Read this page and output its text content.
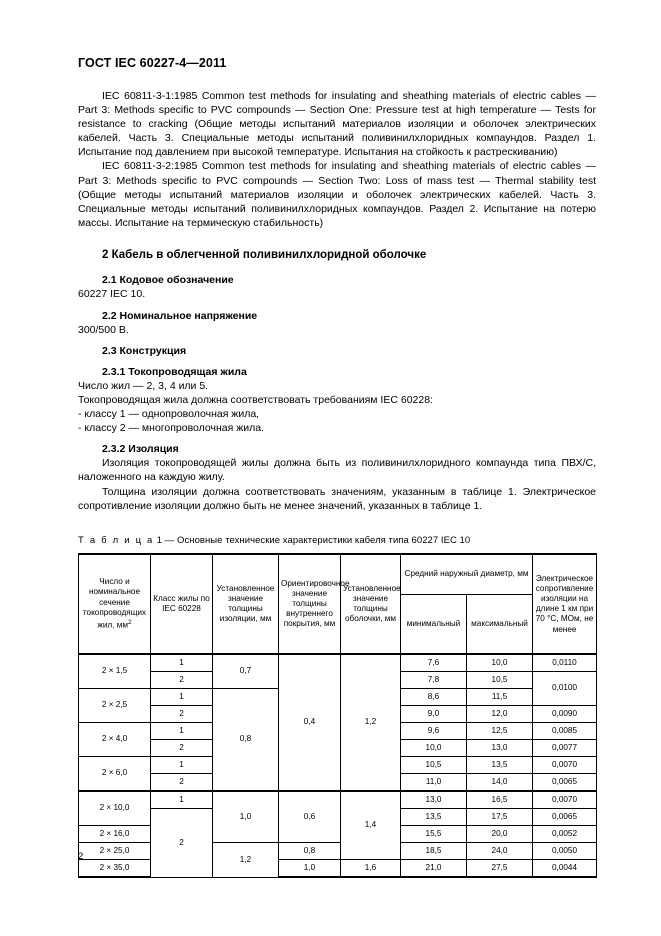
ГОСТ IEC 60227-4—2011

IEC 60811-3-1:1985 Common test methods for insulating and sheathing materials of electric cables — Part 3: Methods specific to PVC compounds — Section One: Pressure test at high temperature — Tests for resistance to cracking (Общие методы испытаний материалов изоляции и оболочек электрических кабелей. Часть 3. Специальные методы испытаний поливинилхлоридных компаундов. Раздел 1. Испытание под давлением при высокой температуре. Испытания на стойкость к растрескиванию)

IEC 60811-3-2:1985 Common test methods for insulating and sheathing materials of electric cables — Part 3: Methods specific to PVC compounds — Section Two: Loss of mass test — Thermal stability test (Общие методы испытаний материалов изоляции и оболочек электрических кабелей. Часть 3. Специальные методы испытаний поливинилхлоридных компаундов. Раздел 2. Испытание на потерю массы. Испытание на термическую стабильность)

2 Кабель в облегченной поливинилхлоридной оболочке
2.1 Кодовое обозначение

60227 IEC 10.

2.2 Номинальное напряжение

300/500 В.

2.3 Конструкция
2.3.1 Токопроводящая жила

Число жил — 2, 3, 4 или 5.

Токопроводящая жила должна соответствовать требованиям IEC 60228:

- классу 1 — однопроволочная жила,

- классу 2 — многопроволочная жила.

2.3.2 Изоляция

Изоляция токопроводящей жилы должна быть из поливинилхлоридного компаунда типа ПВХ/С, наложенного на каждую жилу.

Толщина изоляции должна соответствовать значениям, указанным в таблице 1. Электрическое сопротивление изоляции должно быть не менее значений, указанных в таблице 1.

Т а б л и ц а 1 — Основные технические характеристики кабеля типа 60227 IEC 10
Число и номинальное сечение токопроводящих жил, $мм^2$	Класс жилы по IEC 60228	Установленное значение толщины изоляции, мм	Ориентировочное значение толщины внутреннего покрытия, мм	Установленное значение толщины оболочки, мм	Средний наружный диаметр, мм		Электрическое сопротивление изоляции на длине 1 км при 70 °С, МОм, не менее
					минимальный	максимальный	
2 × 1,5	1	0,7	0,4	1,2	7,6	10,0	0,0110
	2				7,8	10,5	0,0100
2 × 2,5	1	0,8			8,6	11,5	
	2				9,0	12,0	0,0090
2 × 4,0	1				9,6	12,5	0,0085
	2				10,0	13,0	0,0077
2 × 6,0	1				10,5	13,5	0,0070
	2				11,0	14,0	0,0065
2 × 10,0	1	1,0	0,6	1,4	13,0	16,5	0,0070
	2				13,5	17,5	0,0065
2 × 16,0					15,5	20,0	0,0052
2 × 25,0		1,2	0,8		18,5	24,0	0,0050
2 × 35,0			1,0	1,6	21,0	27,5	0,0044
2
